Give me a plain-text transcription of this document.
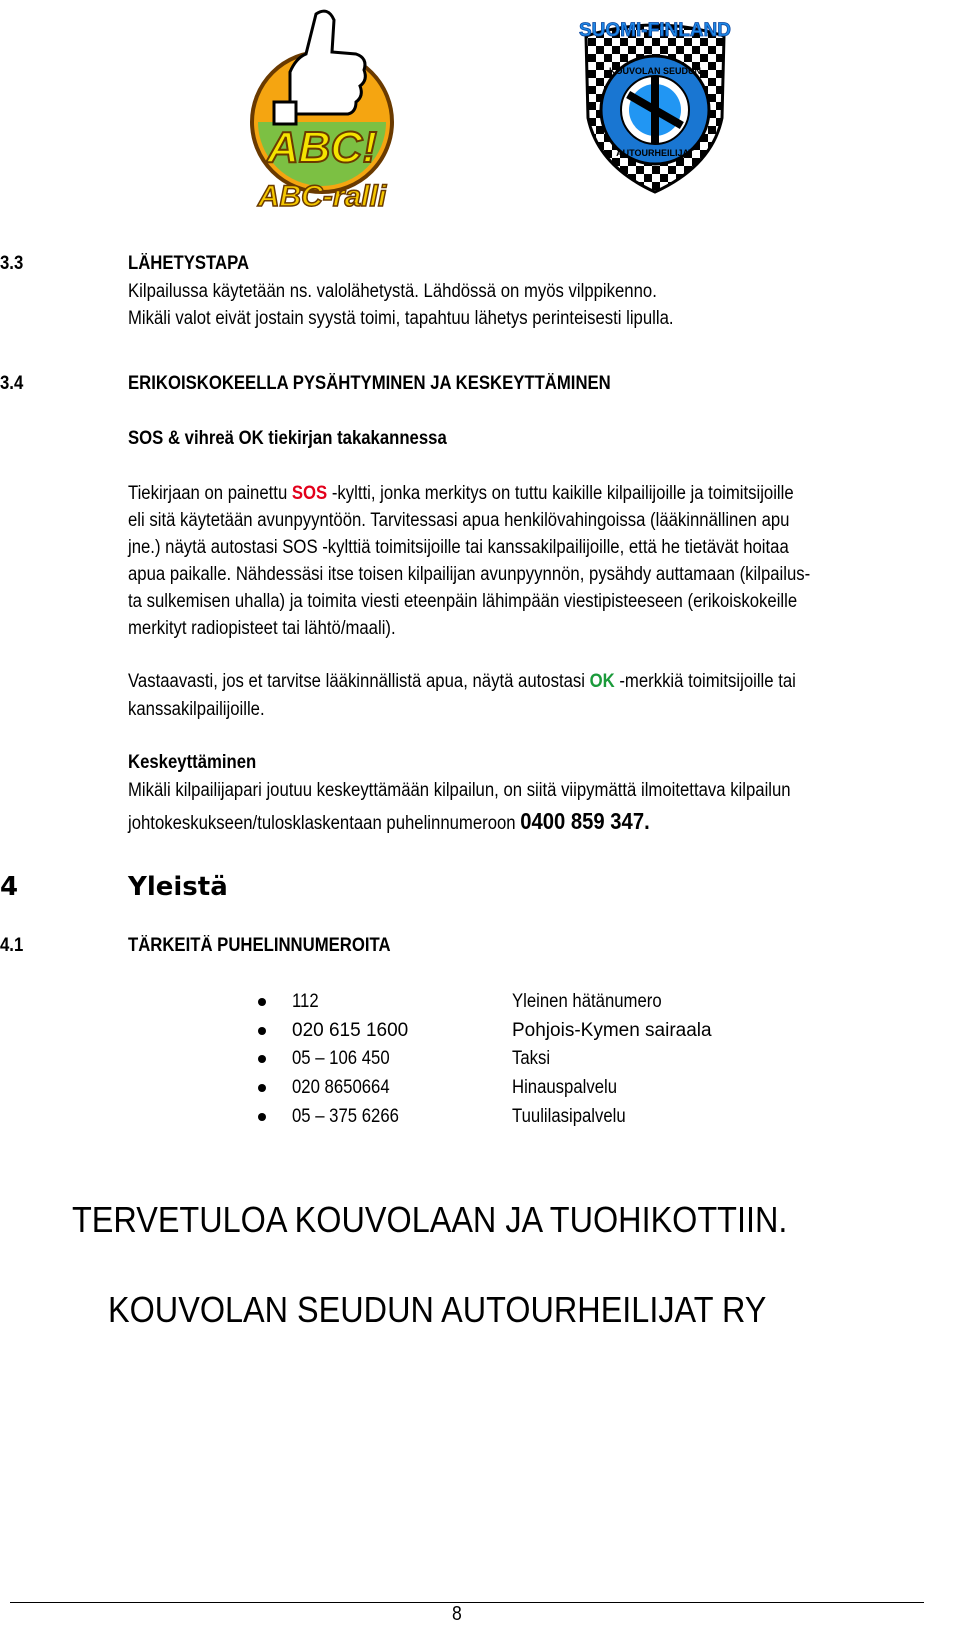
ABC!
ABC-ralli
SUOMI-FINLAND
KOUVOLAN SEUDUN
AUTOURHEILIJAT
3.3	LÄHETYSTAPA
Kilpailussa käytetään ns. valolähetystä. Lähdössä on myös vilppikenno.
Mikäli valot eivät jostain syystä toimi, tapahtuu lähetys perinteisesti lipulla.
3.4	ERIKOISKOKEELLA PYSÄHTYMINEN JA KESKEYTTÄMINEN
SOS & vihreä OK tiekirjan takakannessa
Tiekirjaan on painettu SOS -kyltti, jonka merkitys on tuttu kaikille kilpailijoille ja toimitsijoille
eli sitä käytetään avunpyyntöön. Tarvitessasi apua henkilövahingoissa (lääkinnällinen apu
jne.) näytä autostasi SOS -kylttiä toimitsijoille tai kanssakilpailijoille, että he tietävät hoitaa
apua paikalle. Nähdessäsi itse toisen kilpailijan avunpyynnön, pysähdy auttamaan (kilpailus-
ta sulkemisen uhalla) ja toimita viesti eteenpäin lähimpään viestipisteeseen (erikoiskokeille
merkityt radiopisteet tai lähtö/maali).
Vastaavasti, jos et tarvitse lääkinnällistä apua, näytä autostasi OK -merkkiä toimitsijoille tai
kanssakilpailijoille.
Keskeyttäminen
Mikäli kilpailijapari joutuu keskeyttämään kilpailun, on siitä viipymättä ilmoitettava kilpailun
johtokeskukseen/tulosklaskentaan puhelinnumeroon 0400 859 347.
4	Yleistä
4.1	TÄRKEITÄ PUHELINNUMEROITA
112	Yleinen hätänumero
020 615 1600	Pohjois-Kymen sairaala
05 – 106 450	Taksi
020 8650664	Hinauspalvelu
05 – 375 6266	Tuulilasipalvelu
TERVETULOA KOUVOLAAN JA TUOHIKOTTIIN.
KOUVOLAN SEUDUN AUTOURHEILIJAT RY
8
